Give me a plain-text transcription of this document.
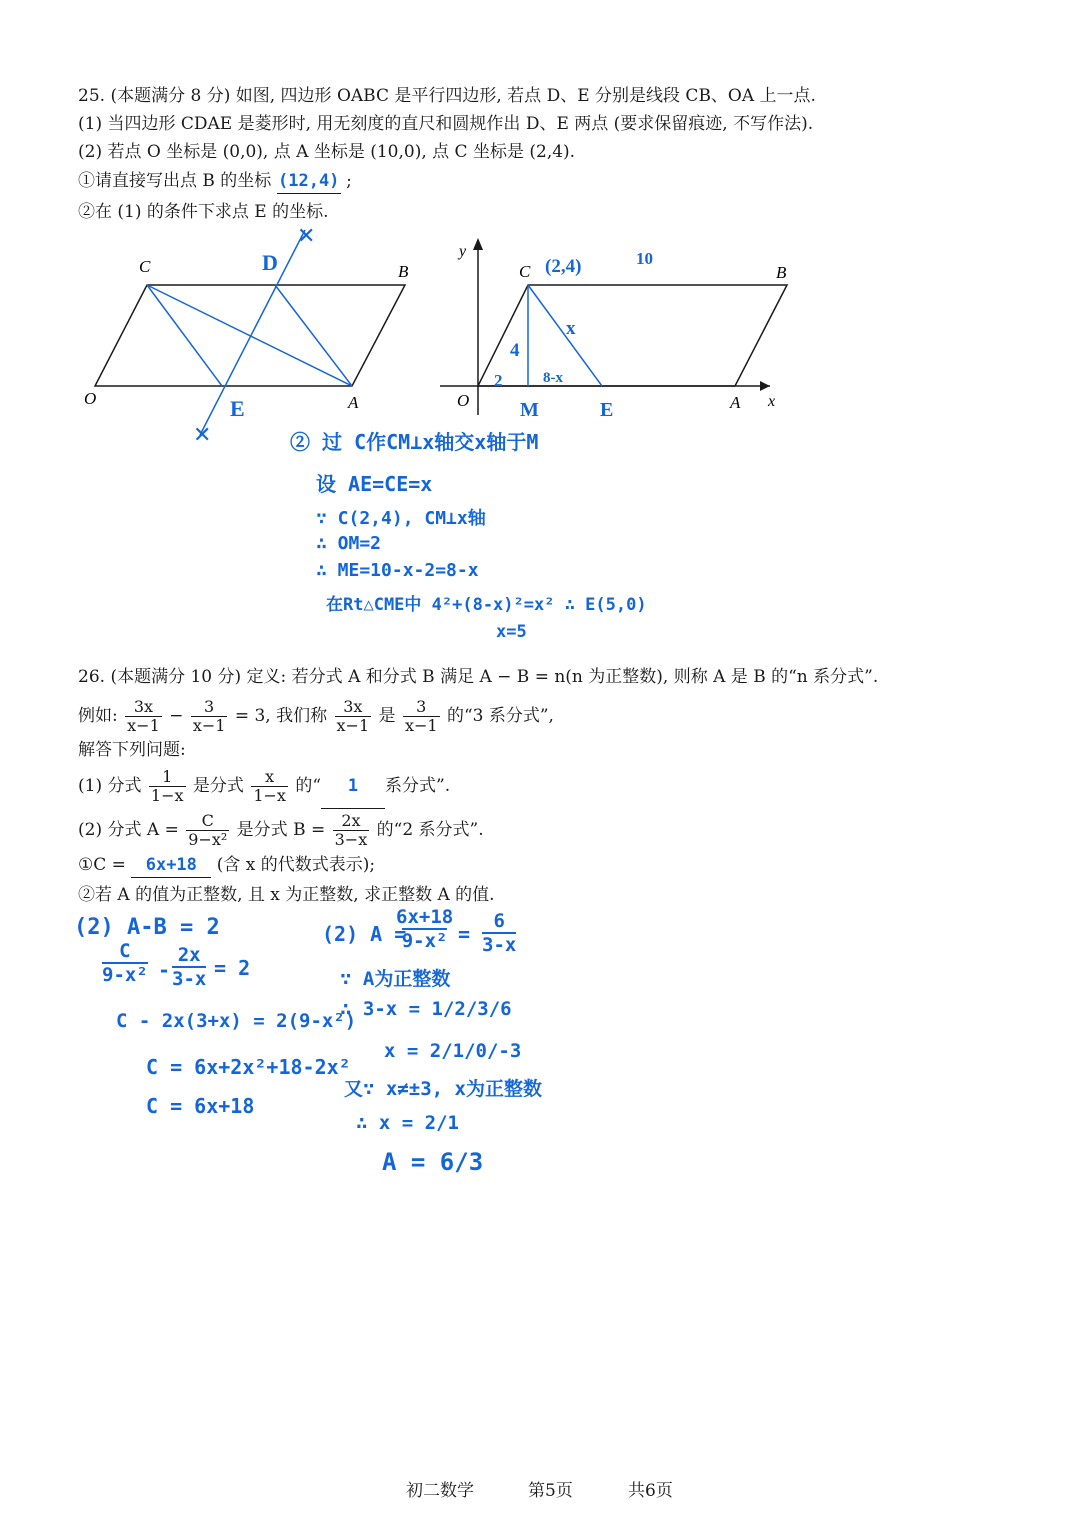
25. (本题满分 8 分) 如图, 四边形 OABC 是平行四边形, 若点 D、E 分别是线段 CB、OA 上一点.
(1) 当四边形 CDAE 是菱形时, 用无刻度的直尺和圆规作出 D、E 两点 (要求保留痕迹, 不写作法).
(2) 若点 O 坐标是 (0,0), 点 A 坐标是 (10,0), 点 C 坐标是 (2,4).
①请直接写出点 B 的坐标 (12,4) ;
②在 (1) 的条件下求点 E 的坐标.
✕
✕
C	B
O	A
D
E
y
x
C	B
O	A
(2,4)	10
4
2
x
8-x
M	E
② 过 C作CM⊥x轴交x轴于M
设 AE=CE=x
∵ C(2,4), CM⊥x轴
∴ OM=2
∴ ME=10-x-2=8-x
在Rt△CME中 4²+(8-x)²=x² ∴ E(5,0)
x=5
26. (本题满分 10 分) 定义: 若分式 A 和分式 B 满足 A − B = n(n 为正整数), 则称 A 是 B 的“n 系分式”.
例如: $\frac{3x}{x-1} - \frac{3}{x-1} = 3$, 我们称 $\frac{3x}{x-1}$ 是 $\frac{3}{x-1}$ 的“3 系分式”,
解答下列问题:
(1) 分式 $\frac{1}{1-x}$ 是分式 $\frac{x}{1-x}$ 的“ 1 系分式”.
(2) 分式 $A = \frac{C}{\text{9−x²}}$ 是分式 $B = \frac{2x}{3-x}$ 的“2 系分式”.
①C = 6x+18 (含 x 的代数式表示);
②若 A 的值为正整数, 且 x 为正整数, 求正整数 A 的值.
(2) A-B = 2
C
9-x² -
2x
3-x = 2
C - 2x(3+x) = 2(9-x²)
C = 6x+2x²+18-2x²
C = 6x+18
(2) A =
6x+18
9-x² =
6
3-x
∵ A为正整数
∴ 3-x = 1/2/3/6
x = 2/1/0/-3
又∵ x≠±3, x为正整数
∴ x = 2/1
A = 6/3
初二数学	第5页	共6页
